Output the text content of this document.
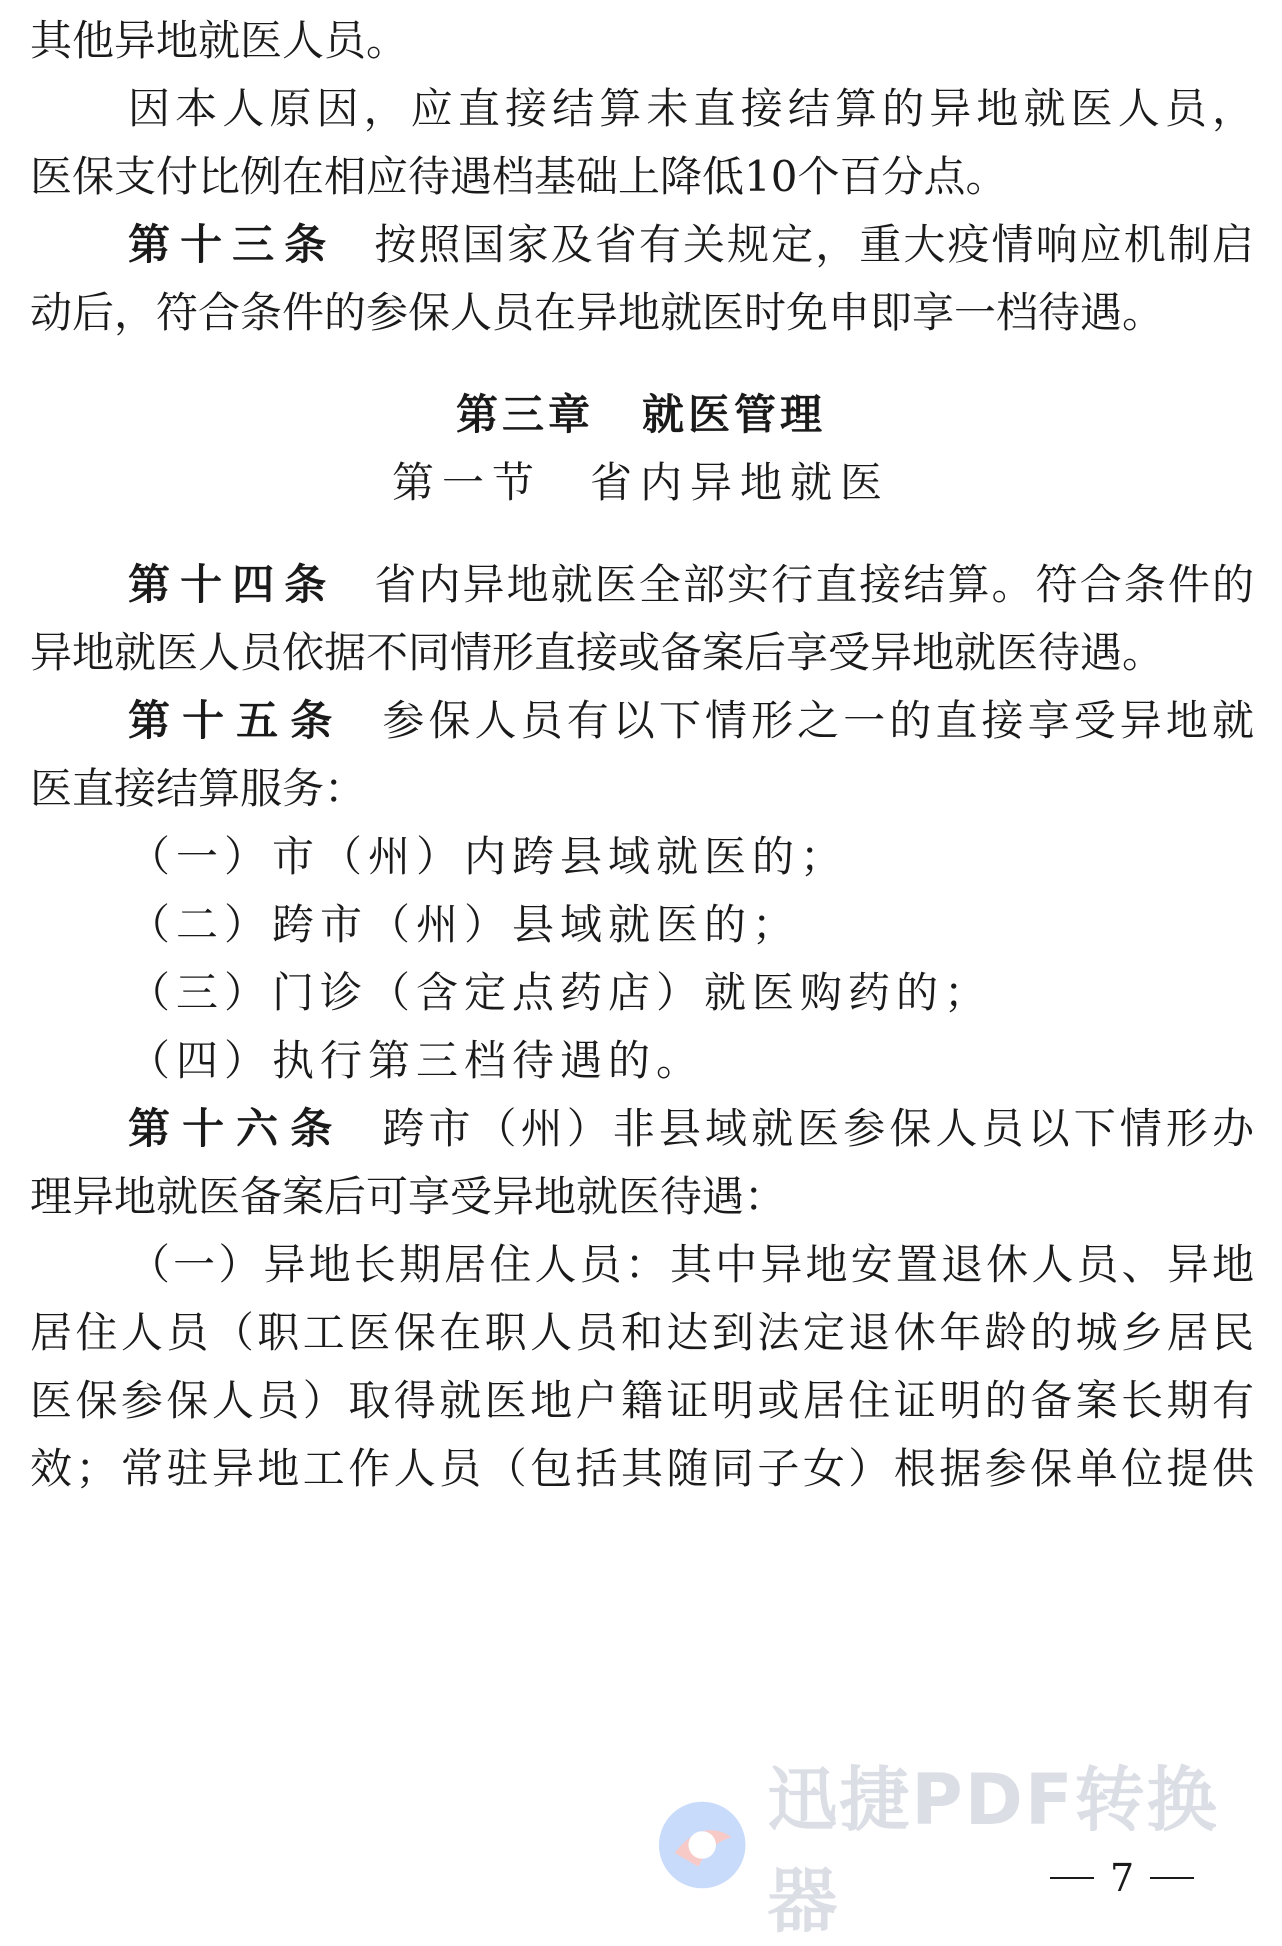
其他异地就医人员。
因本人原因，应直接结算未直接结算的异地就医人员，
医保支付比例在相应待遇档基础上降低10个百分点。
第十三条 按照国家及省有关规定，重大疫情响应机制启
动后，符合条件的参保人员在异地就医时免申即享一档待遇。
第三章 就医管理
第一节 省内异地就医
第十四条 省内异地就医全部实行直接结算。符合条件的
异地就医人员依据不同情形直接或备案后享受异地就医待遇。
第十五条 参保人员有以下情形之一的直接享受异地就
医直接结算服务：
（一）市（州）内跨县域就医的；
（二）跨市（州）县域就医的；
（三）门诊（含定点药店）就医购药的；
（四）执行第三档待遇的。
第十六条 跨市（州）非县域就医参保人员以下情形办
理异地就医备案后可享受异地就医待遇：
（一）异地长期居住人员：其中异地安置退休人员、异地
居住人员（职工医保在职人员和达到法定退休年龄的城乡居民
医保参保人员）取得就医地户籍证明或居住证明的备案长期有
效；常驻异地工作人员（包括其随同子女）根据参保单位提供
迅捷PDF转换器	7
